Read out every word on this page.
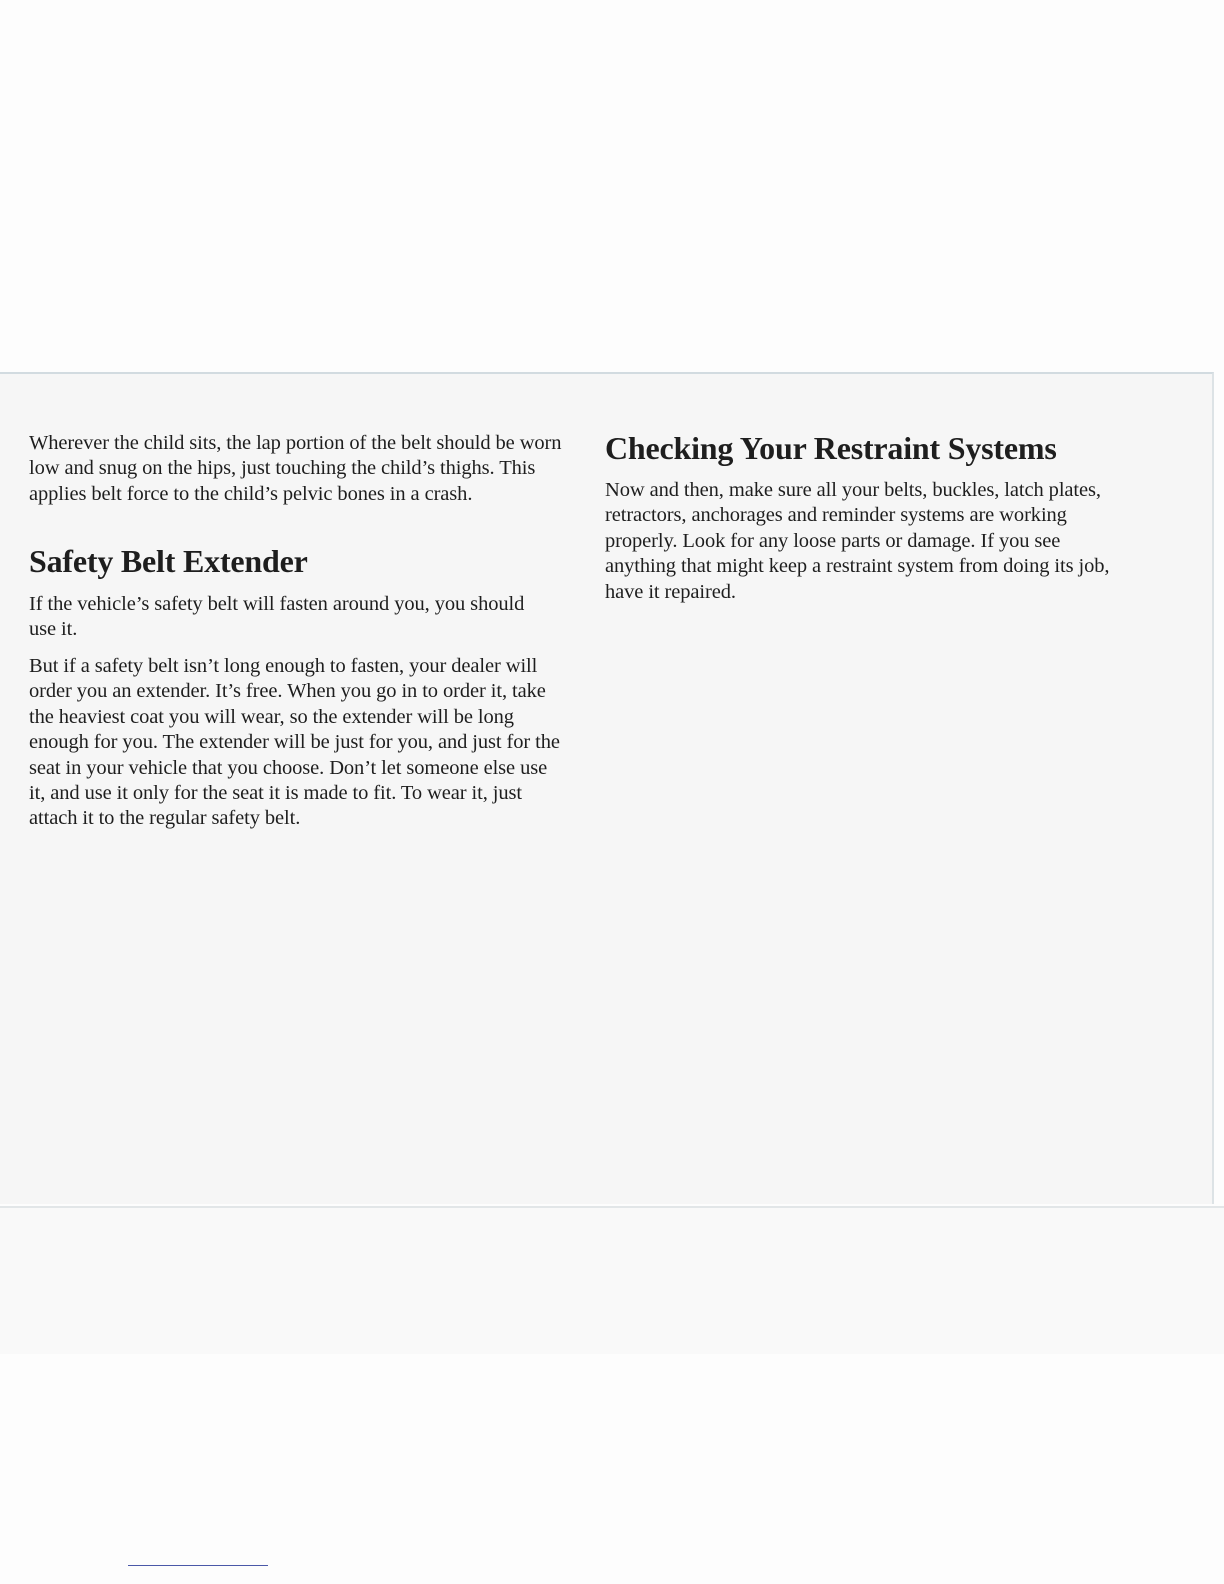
Wherever the child sits, the lap portion of the belt should be worn low and snug on the hips, just touching the child’s thighs. This applies belt force to the child’s pelvic bones in a crash.

Safety Belt Extender

If the vehicle’s safety belt will fasten around you, you should use it.

But if a safety belt isn’t long enough to fasten, your dealer will order you an extender. It’s free. When you go in to order it, take the heaviest coat you will wear, so the extender will be long enough for you. The extender will be just for you, and just for the seat in your vehicle that you choose. Don’t let someone else use it, and use it only for the seat it is made to fit. To wear it, just attach it to the regular safety belt.

Checking Your Restraint Systems

Now and then, make sure all your belts, buckles, latch plates, retractors, anchorages and reminder systems are working properly. Look for any loose parts or damage. If you see anything that might keep a restraint system from doing its job, have it repaired.
